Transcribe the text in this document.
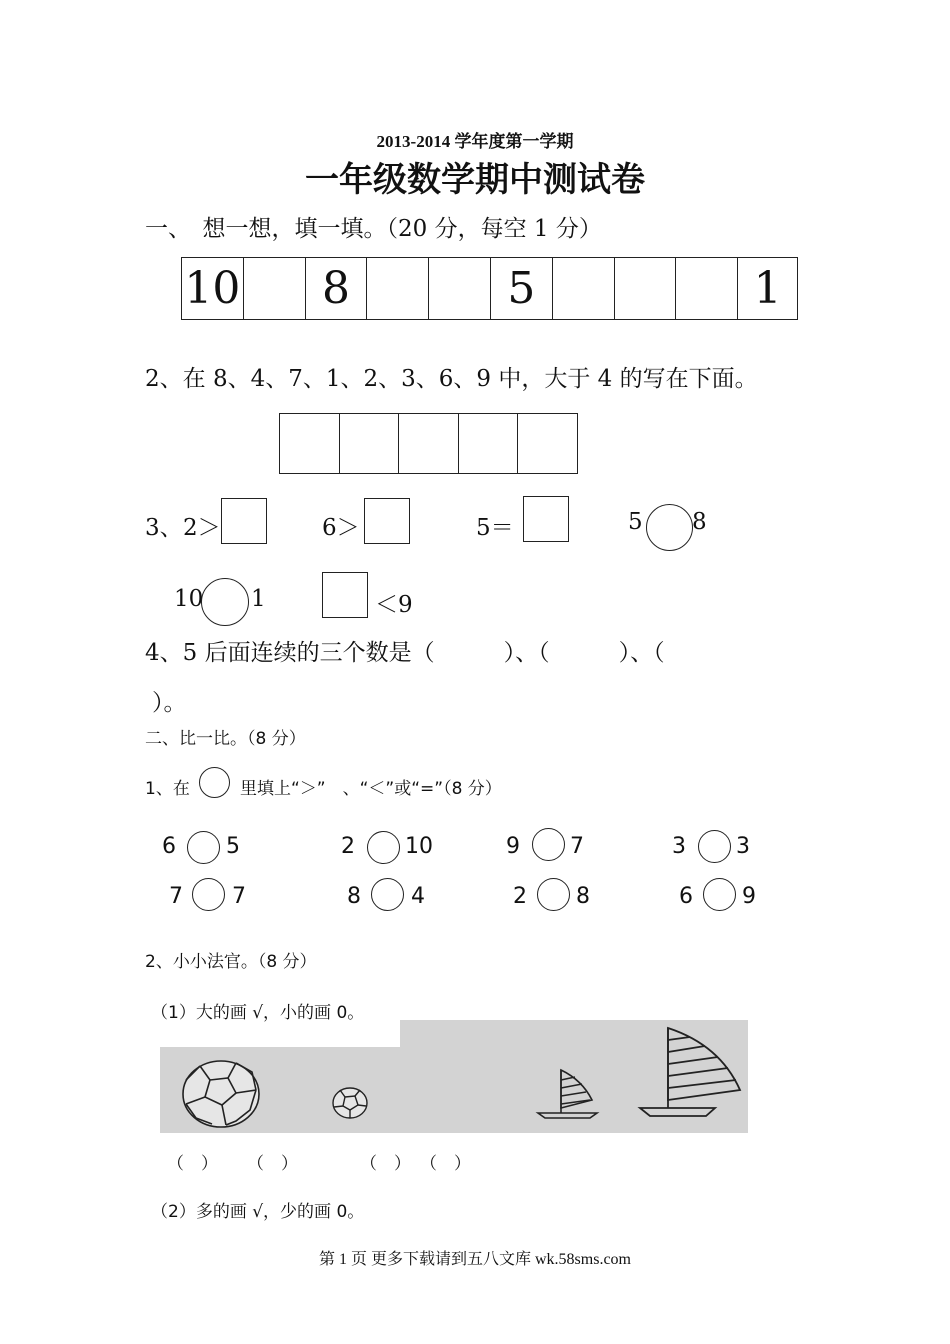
2013-2014 学年度第一学期
一年级数学期中测试卷
一、　想一想，填一填。（20 分，每空 1 分）
10 8	5	1
2、在 8、4、7、1、2、3、6、9 中，大于 4 的写在下面。
3、 2＞	6＞	5＝	5 8
10 1	＜9
4、5 后面连续的三个数是（　　　）、（　　　）、（
）。
二、比一比。（8 分）
1、在	里填上“＞”　、“＜”或“=”（8 分）
6 5	2 10	9 7	3 3
7 7	8 4	2 8	6 9
2、小小法官。（8 分）
（1）大的画 √，小的画 0。
（　） （　）	（　） （　）
（2）多的画 √，少的画 0。
第 1 页 更多下载请到五八文库 wk.58sms.com
